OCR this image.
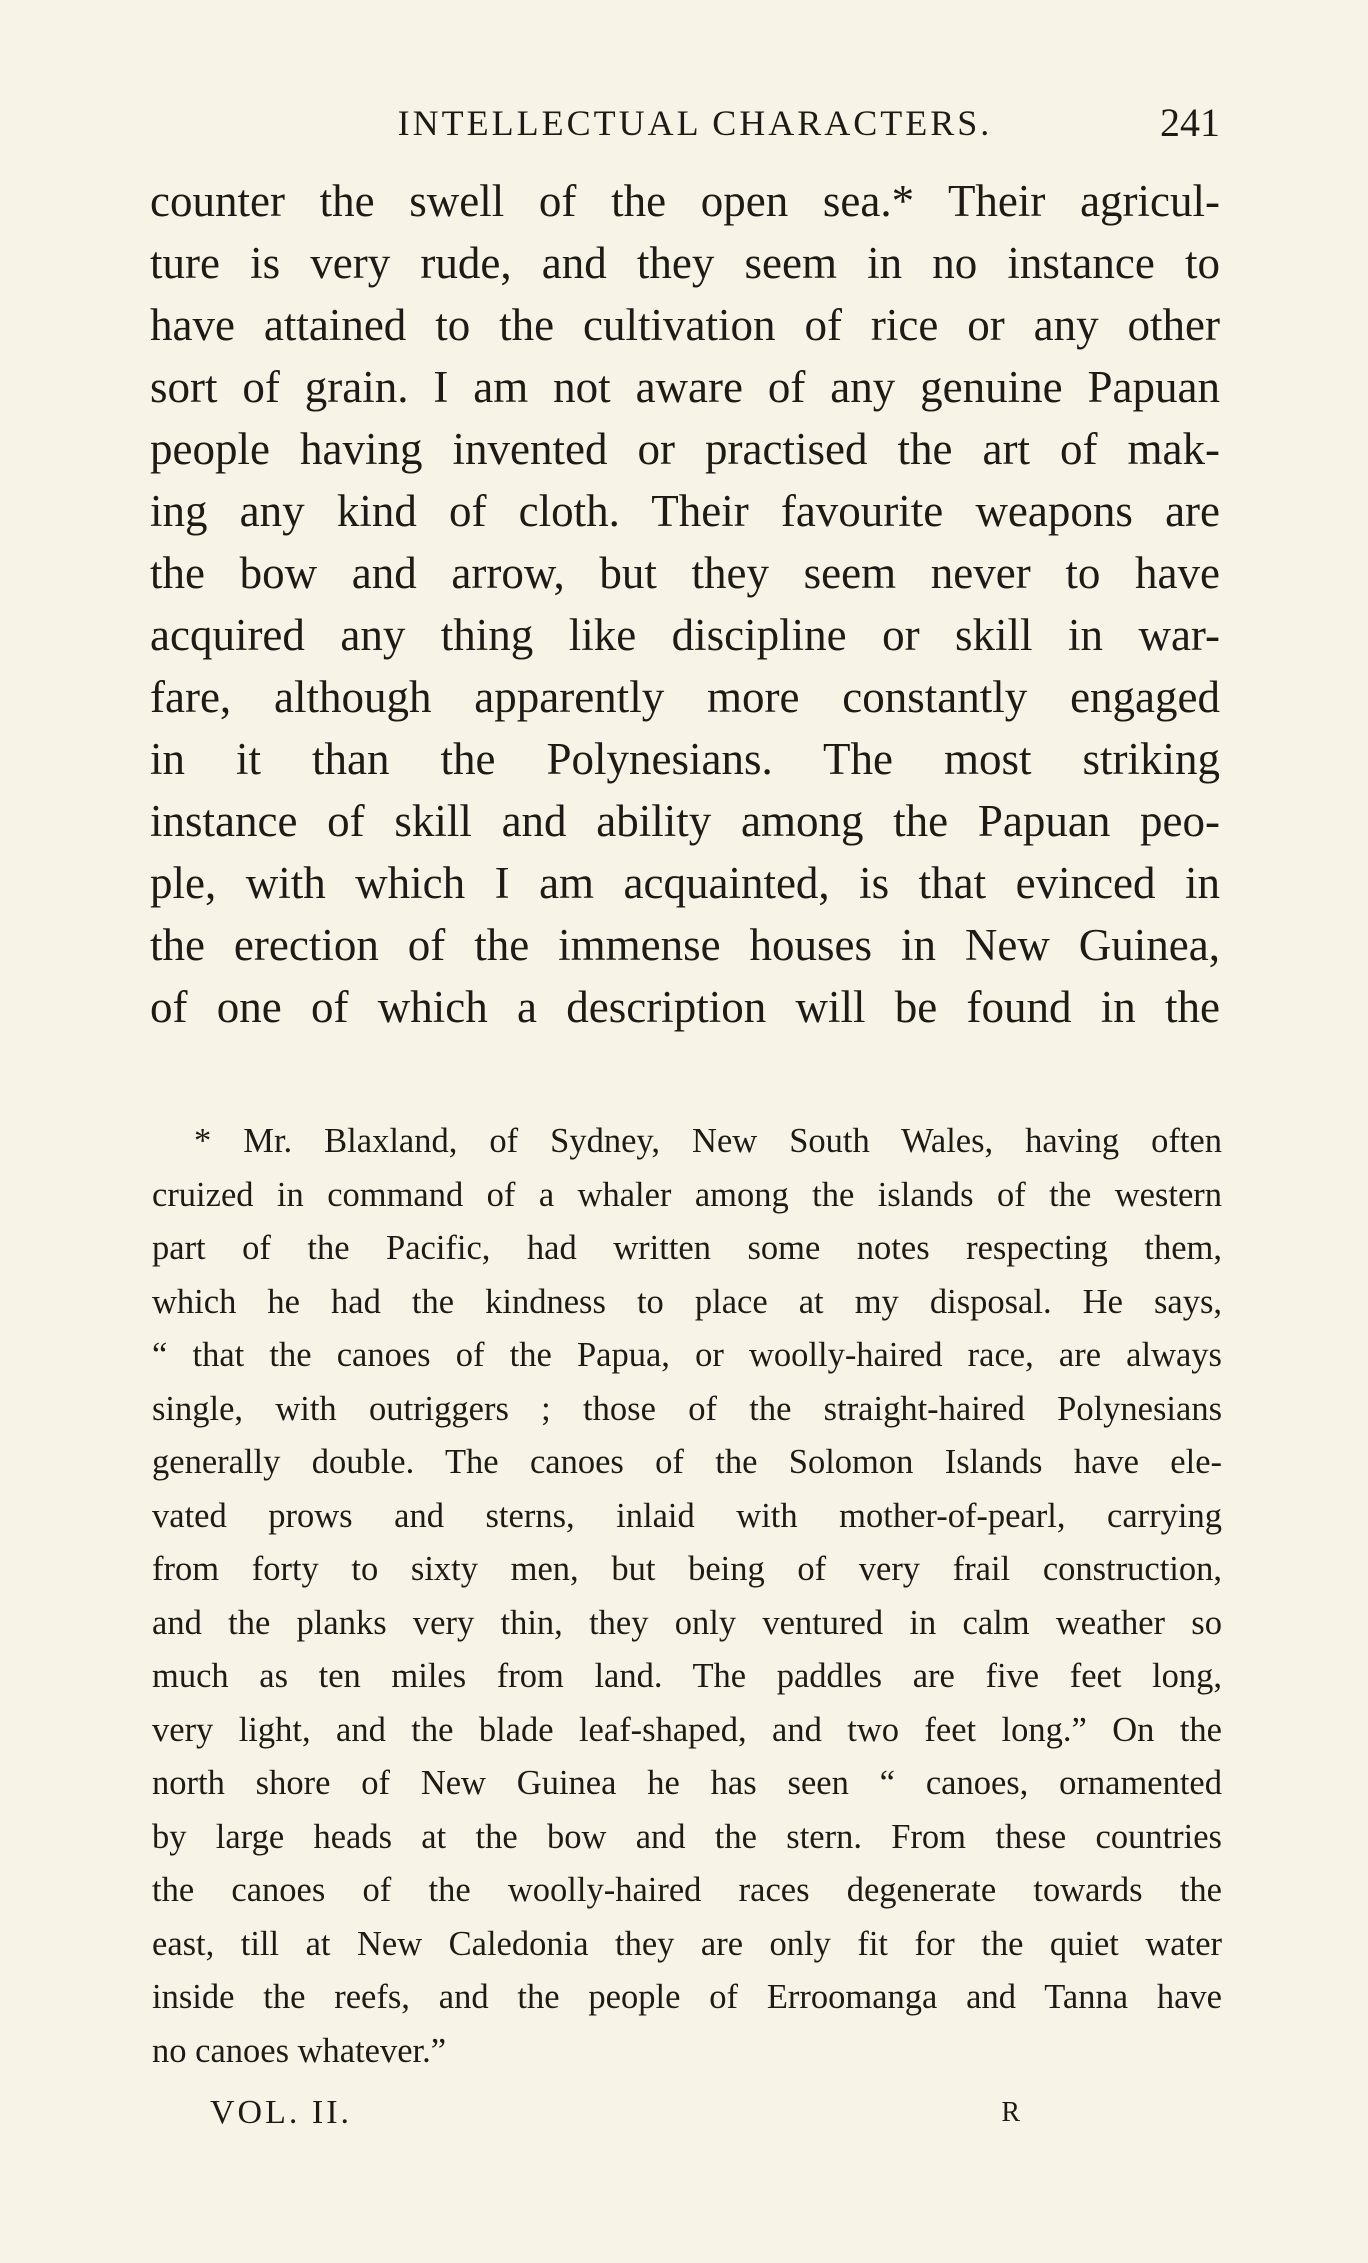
INTELLECTUAL CHARACTERS.	241
counter the swell of the open sea.* Their agricul-
ture is very rude, and they seem in no instance to
have attained to the cultivation of rice or any other
sort of grain. I am not aware of any genuine Papuan
people having invented or practised the art of mak-
ing any kind of cloth. Their favourite weapons are
the bow and arrow, but they seem never to have
acquired any thing like discipline or skill in war-
fare, although apparently more constantly engaged
in it than the Polynesians. The most striking
instance of skill and ability among the Papuan peo-
ple, with which I am acquainted, is that evinced in
the erection of the immense houses in New Guinea,
of one of which a description will be found in the
* Mr. Blaxland, of Sydney, New South Wales, having often
cruized in command of a whaler among the islands of the western
part of the Pacific, had written some notes respecting them,
which he had the kindness to place at my disposal. He says,
“ that the canoes of the Papua, or woolly-haired race, are always
single, with outriggers ; those of the straight-haired Polynesians
generally double. The canoes of the Solomon Islands have ele-
vated prows and sterns, inlaid with mother-of-pearl, carrying
from forty to sixty men, but being of very frail construction,
and the planks very thin, they only ventured in calm weather so
much as ten miles from land. The paddles are five feet long,
very light, and the blade leaf-shaped, and two feet long.” On the
north shore of New Guinea he has seen “ canoes, ornamented
by large heads at the bow and the stern. From these countries
the canoes of the woolly-haired races degenerate towards the
east, till at New Caledonia they are only fit for the quiet water
inside the reefs, and the people of Erroomanga and Tanna have
no canoes whatever.”
VOL. II.	R
